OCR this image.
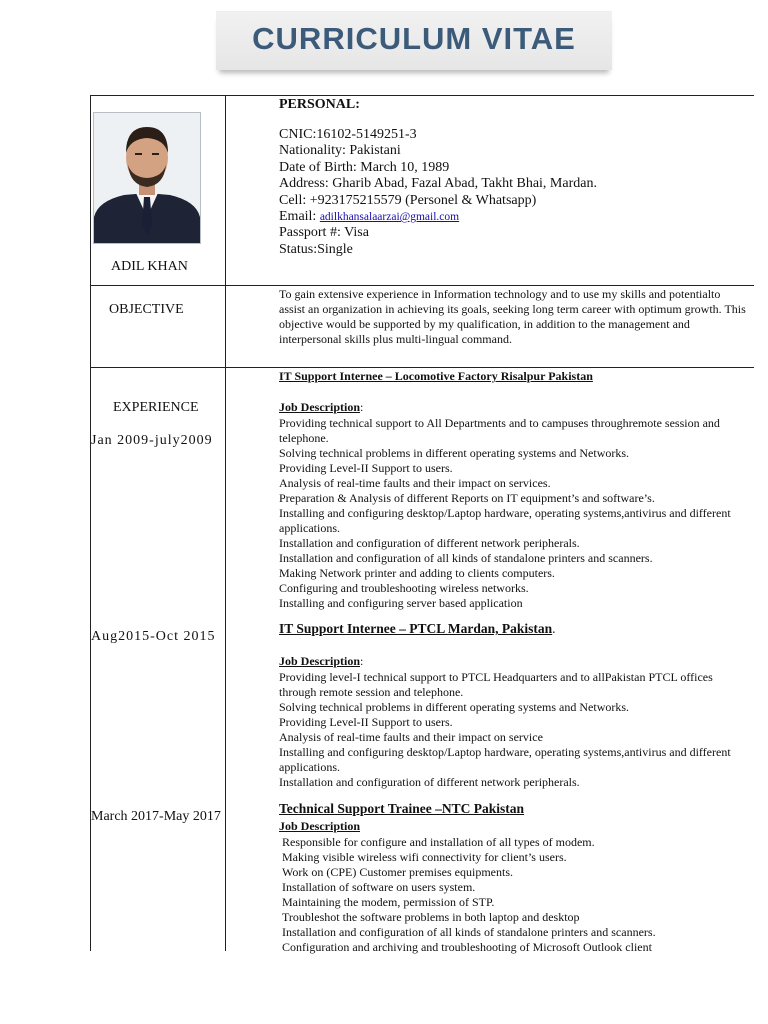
CURRICULUM VITAE
ADIL KHAN
OBJECTIVE
EXPERIENCE
Jan 2009-july2009
Aug2015-Oct 2015
March 2017-May 2017
PERSONAL:
CNIC:16102-5149251-3
Nationality: Pakistani
Date of Birth: March 10, 1989
Address: Gharib Abad, Fazal Abad, Takht Bhai, Mardan.
Cell: +923175215579 (Personel & Whatsapp)
Email: adilkhansalaarzai@gmail.com
Passport #: Visa
Status:Single
To gain extensive experience in Information technology and to use my skills and potentialto assist an organization in achieving its goals, seeking long term career with optimum growth. This objective would be supported by my qualification, in addition to the management and interpersonal skills plus multi-lingual command.
IT Support Internee – Locomotive Factory Risalpur Pakistan
Job Description:
Providing technical support to All Departments and to campuses throughremote session and telephone.
Solving technical problems in different operating systems and Networks.
Providing Level-II Support to users.
Analysis of real-time faults and their impact on services.
Preparation & Analysis of different Reports on IT equipment’s and software’s.
Installing and configuring desktop/Laptop hardware, operating systems,antivirus and different applications.
Installation and configuration of different network peripherals.
Installation and configuration of all kinds of standalone printers and scanners.
Making Network printer and adding to clients computers.
Configuring and troubleshooting wireless networks.
Installing and configuring server based application
IT Support Internee – PTCL Mardan, Pakistan.
Job Description:
Providing level-I technical support to PTCL Headquarters and to allPakistan PTCL offices through remote session and telephone.
Solving technical problems in different operating systems and Networks.
Providing Level-II Support to users.
Analysis of real-time faults and their impact on service
Installing and configuring desktop/Laptop hardware, operating systems,antivirus and different applications.
Installation and configuration of different network peripherals.
Technical Support Trainee –NTC Pakistan
Job Description
Responsible for configure and installation of all types of modem.
Making visible wireless wifi connectivity for client’s users.
Work on (CPE) Customer premises equipments.
Installation of software on users system.
Maintaining the modem, permission of STP.
Troubleshot the software problems in both laptop and desktop
Installation and configuration of all kinds of standalone printers and scanners.
Configuration and archiving and troubleshooting of Microsoft Outlook client
